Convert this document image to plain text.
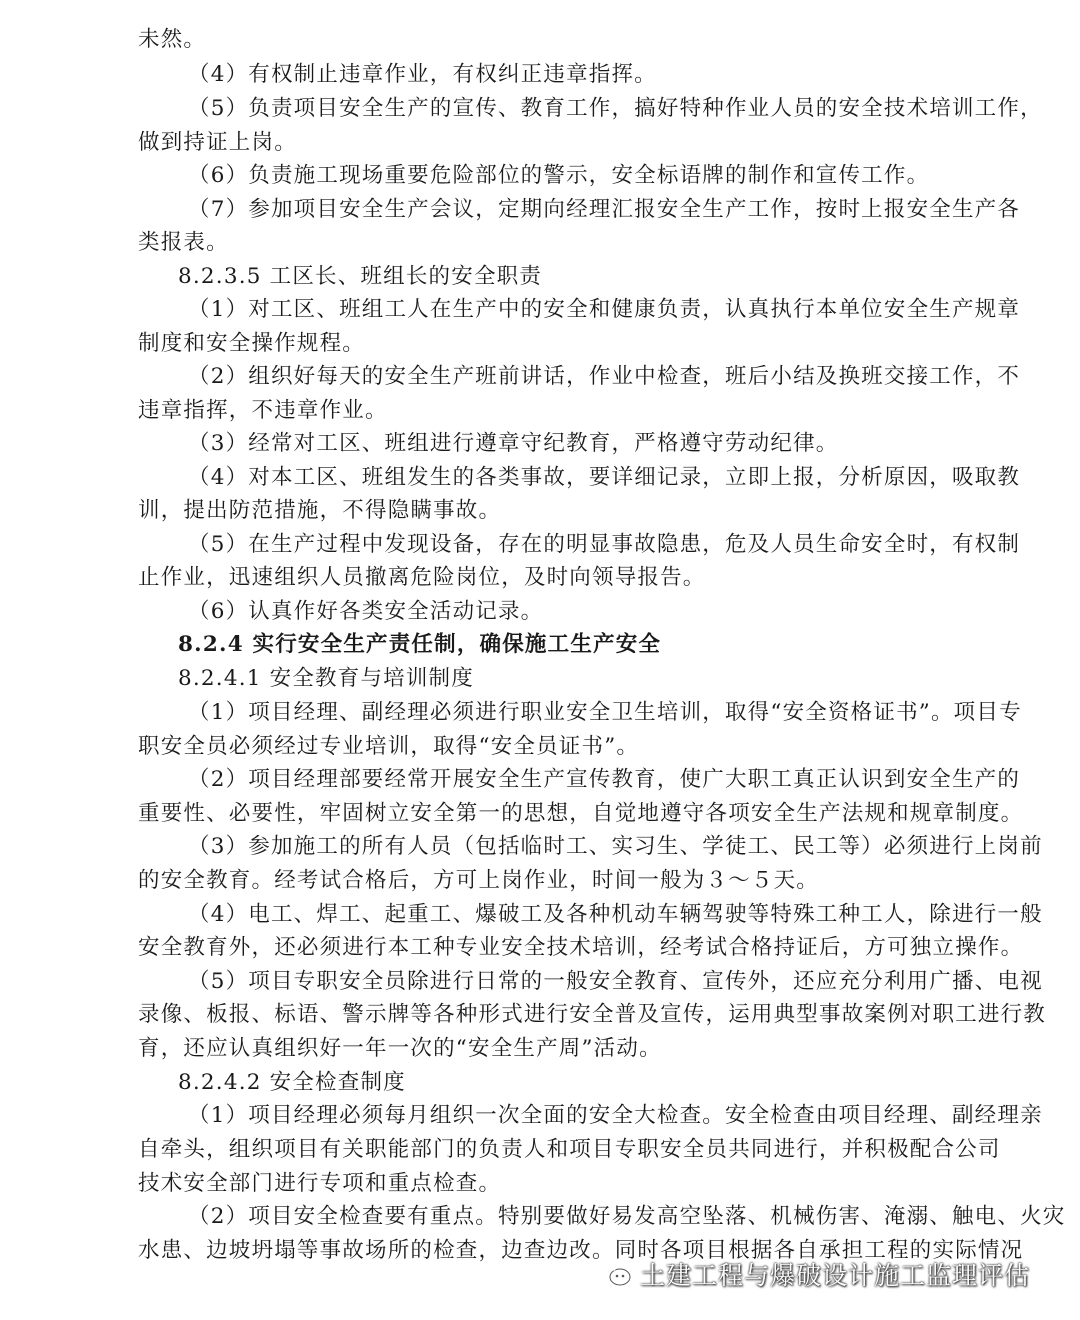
未然。
（4）有权制止违章作业，有权纠正违章指挥。
（5）负责项目安全生产的宣传、教育工作，搞好特种作业人员的安全技术培训工作，
做到持证上岗。
（6）负责施工现场重要危险部位的警示，安全标语牌的制作和宣传工作。
（7）参加项目安全生产会议，定期向经理汇报安全生产工作，按时上报安全生产各
类报表。
8.2.3.5 工区长、班组长的安全职责
（1）对工区、班组工人在生产中的安全和健康负责，认真执行本单位安全生产规章
制度和安全操作规程。
（2）组织好每天的安全生产班前讲话，作业中检查，班后小结及换班交接工作，不
违章指挥，不违章作业。
（3）经常对工区、班组进行遵章守纪教育，严格遵守劳动纪律。
（4）对本工区、班组发生的各类事故，要详细记录，立即上报，分析原因，吸取教
训，提出防范措施，不得隐瞒事故。
（5）在生产过程中发现设备，存在的明显事故隐患，危及人员生命安全时，有权制
止作业，迅速组织人员撤离危险岗位，及时向领导报告。
（6）认真作好各类安全活动记录。
8.2.4 实行安全生产责任制，确保施工生产安全
8.2.4.1 安全教育与培训制度
（1）项目经理、副经理必须进行职业安全卫生培训，取得“安全资格证书”。项目专
职安全员必须经过专业培训，取得“安全员证书”。
（2）项目经理部要经常开展安全生产宣传教育，使广大职工真正认识到安全生产的
重要性、必要性，牢固树立安全第一的思想，自觉地遵守各项安全生产法规和规章制度。
（3）参加施工的所有人员（包括临时工、实习生、学徒工、民工等）必须进行上岗前
的安全教育。经考试合格后，方可上岗作业，时间一般为３～５天。
（4）电工、焊工、起重工、爆破工及各种机动车辆驾驶等特殊工种工人，除进行一般
安全教育外，还必须进行本工种专业安全技术培训，经考试合格持证后，方可独立操作。
（5）项目专职安全员除进行日常的一般安全教育、宣传外，还应充分利用广播、电视
录像、板报、标语、警示牌等各种形式进行安全普及宣传，运用典型事故案例对职工进行教
育，还应认真组织好一年一次的“安全生产周”活动。
8.2.4.2 安全检查制度
（1）项目经理必须每月组织一次全面的安全大检查。安全检查由项目经理、副经理亲
自牵头，组织项目有关职能部门的负责人和项目专职安全员共同进行，并积极配合公司
技术安全部门进行专项和重点检查。
（2）项目安全检查要有重点。特别要做好易发高空坠落、机械伤害、淹溺、触电、火灾
水患、边坡坍塌等事故场所的检查，边查边改。同时各项目根据各自承担工程的实际情况
土建工程与爆破设计施工监理评估
